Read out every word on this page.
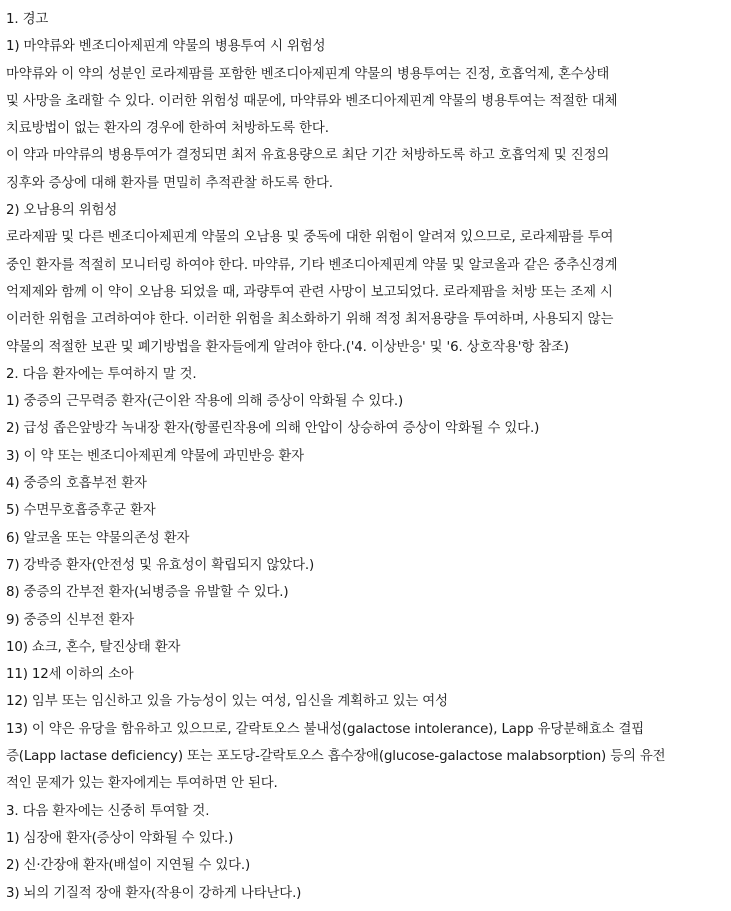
1. 경고
1) 마약류와 벤조디아제핀계 약물의 병용투여 시 위험성
마약류와 이 약의 성분인 로라제팜를 포함한 벤조디아제핀계 약물의 병용투여는 진정, 호흡억제, 혼수상태
및 사망을 초래할 수 있다. 이러한 위험성 때문에, 마약류와 벤조디아제핀계 약물의 병용투여는 적절한 대체
치료방법이 없는 환자의 경우에 한하여 처방하도록 한다.
이 약과 마약류의 병용투여가 결정되면 최저 유효용량으로 최단 기간 처방하도록 하고 호흡억제 및 진정의
징후와 증상에 대해 환자를 면밀히 추적관찰 하도록 한다.
2) 오남용의 위험성
로라제팜 및 다른 벤조디아제핀계 약물의 오남용 및 중독에 대한 위험이 알려져 있으므로, 로라제팜를 투여
중인 환자를 적절히 모니터링 하여야 한다. 마약류, 기타 벤조디아제핀계 약물 및 알코올과 같은 중추신경계
억제제와 함께 이 약이 오남용 되었을 때, 과량투여 관련 사망이 보고되었다. 로라제팜을 처방 또는 조제 시
이러한 위험을 고려하여야 한다. 이러한 위험을 최소화하기 위해 적정 최저용량을 투여하며, 사용되지 않는
약물의 적절한 보관 및 폐기방법을 환자들에게 알려야 한다.('4. 이상반응' 및 '6. 상호작용'항 참조)
2. 다음 환자에는 투여하지 말 것.
1) 중증의 근무력증 환자(근이완 작용에 의해 증상이 악화될 수 있다.)
2) 급성 좁은앞방각 녹내장 환자(항콜린작용에 의해 안압이 상승하여 증상이 악화될 수 있다.)
3) 이 약 또는 벤조디아제핀계 약물에 과민반응 환자
4) 중증의 호흡부전 환자
5) 수면무호흡증후군 환자
6) 알코올 또는 약물의존성 환자
7) 강박증 환자(안전성 및 유효성이 확립되지 않았다.)
8) 중증의 간부전 환자(뇌병증을 유발할 수 있다.)
9) 중증의 신부전 환자
10) 쇼크, 혼수, 탈진상태 환자
11) 12세 이하의 소아
12) 임부 또는 임신하고 있을 가능성이 있는 여성, 임신을 계획하고 있는 여성
13) 이 약은 유당을 함유하고 있으므로, 갈락토오스 불내성(galactose intolerance), Lapp 유당분해효소 결핍
증(Lapp lactase deficiency) 또는 포도당-갈락토오스 흡수장애(glucose-galactose malabsorption) 등의 유전
적인 문제가 있는 환자에게는 투여하면 안 된다.
3. 다음 환자에는 신중히 투여할 것.
1) 심장애 환자(증상이 악화될 수 있다.)
2) 신·간장애 환자(배설이 지연될 수 있다.)
3) 뇌의 기질적 장애 환자(작용이 강하게 나타난다.)
